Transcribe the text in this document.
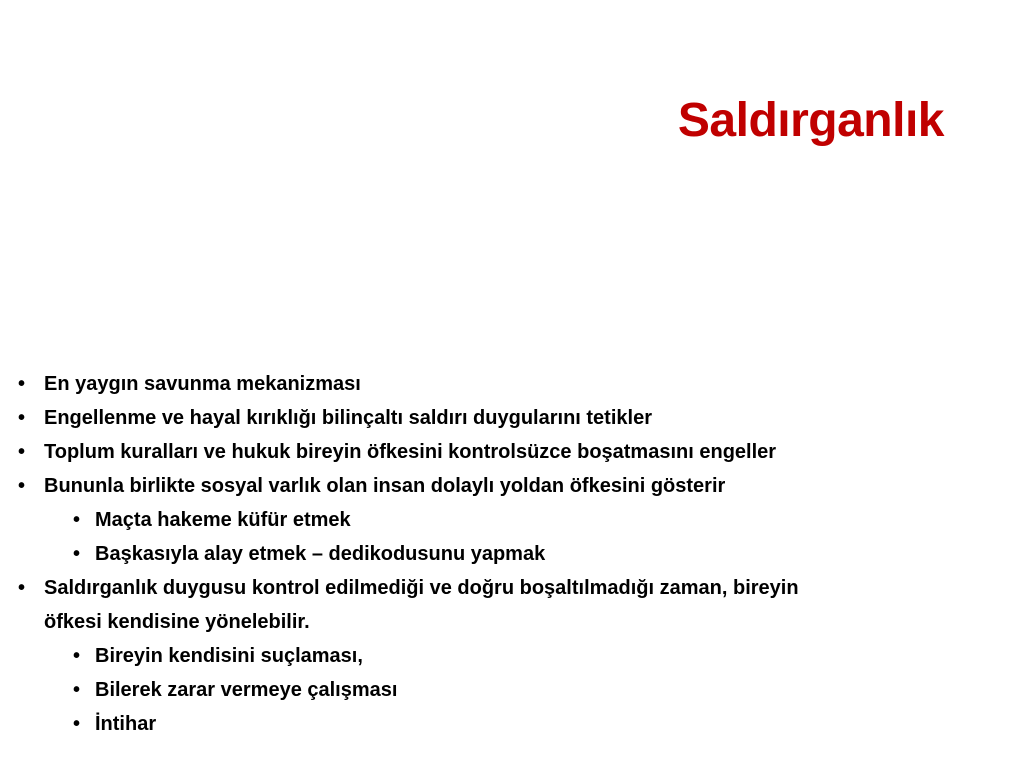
Saldırganlık
• En yaygın savunma mekanizması
• Engellenme ve hayal kırıklığı bilinçaltı saldırı duygularını tetikler
• Toplum kuralları ve hukuk bireyin öfkesini kontrolsüzce boşatmasını engeller
• Bununla birlikte sosyal varlık olan insan dolaylı yoldan öfkesini gösterir
• Maçta hakeme küfür etmek
• Başkasıyla alay etmek – dedikodusunu yapmak
• Saldırganlık duygusu kontrol edilmediği ve doğru boşaltılmadığı zaman, bireyin
öfkesi kendisine yönelebilir.
• Bireyin kendisini suçlaması,
• Bilerek zarar vermeye çalışması
• İntihar
